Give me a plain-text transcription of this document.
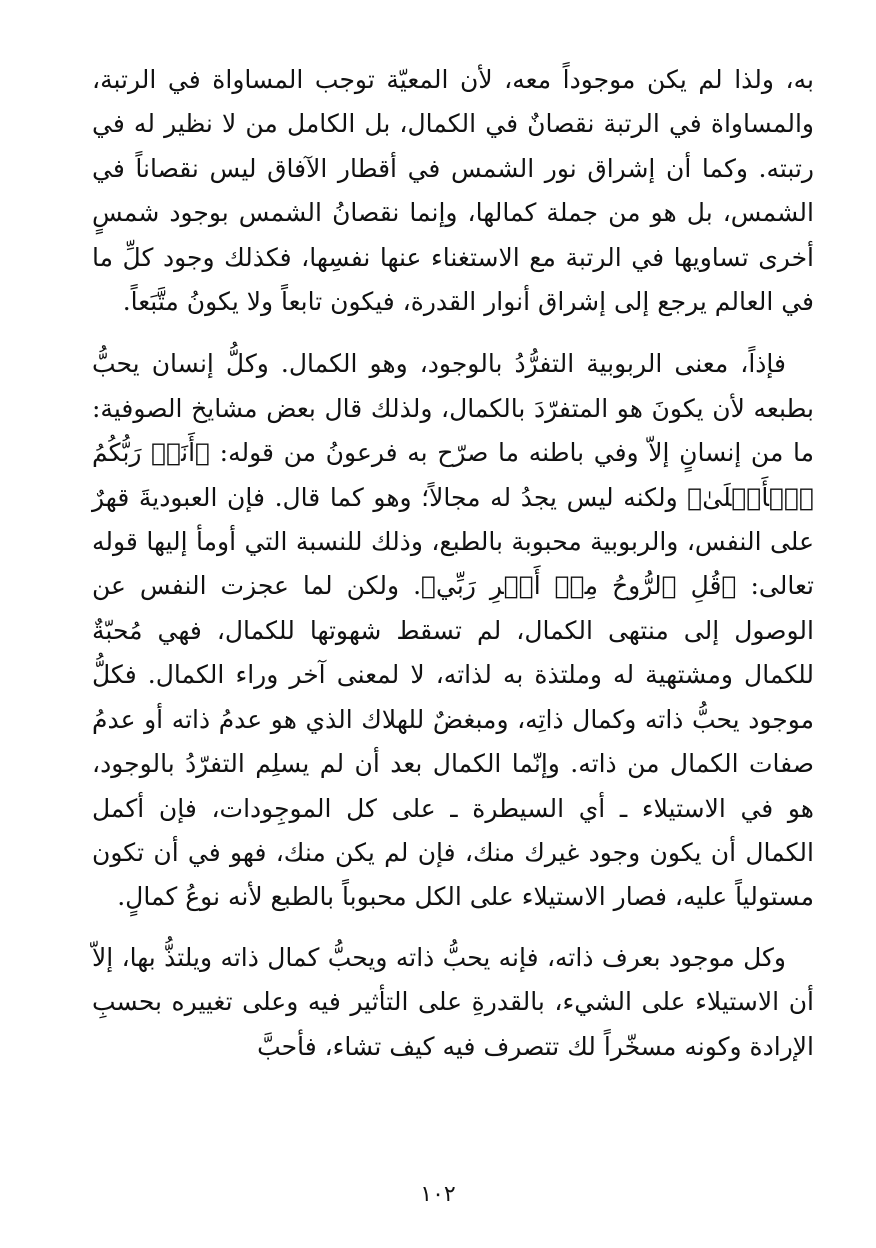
به، ولذا لم يكن موجوداً معه، لأن المعيّة توجب المساواة في الرتبة، والمساواة في الرتبة نقصانٌ في الكمال، بل الكامل من لا نظير له في رتبته. وكما أن إشراق نور الشمس في أقطار الآفاق ليس نقصاناً في الشمس، بل هو من جملة كمالها، وإنما نقصانُ الشمس بوجود شمسٍ أخرى تساويها في الرتبة مع الاستغناء عنها نفسِها، فكذلك وجود كلِّ ما في العالم يرجع إلى إشراق أنوار القدرة، فيكون تابعاً ولا يكونُ متَّبَعاً.

فإذاً، معنى الربوبية التفرُّدُ بالوجود، وهو الكمال. وكلُّ إنسان يحبُّ بطبعه لأن يكونَ هو المتفرّدَ بالكمال، ولذلك قال بعض مشايخ الصوفية: ما من إنسانٍ إلاّ وفي باطنه ما صرّح به فرعونُ من قوله: ﴿أَنَا۠ رَبُّكُمُ ٱلۡأَعۡلَىٰ﴾ ولكنه ليس يجدُ له مجالاً؛ وهو كما قال. فإن العبوديةَ قهرٌ على النفس، والربوبية محبوبة بالطبع، وذلك للنسبة التي أومأ إليها قوله تعالى: ﴿قُلِ ٱلرُّوحُ مِنۡ أَمۡرِ رَبِّي﴾. ولكن لما عجزت النفس عن الوصول إلى منتهى الكمال، لم تسقط شهوتها للكمال، فهي مُحبّةٌ للكمال ومشتهية له وملتذة به لذاته، لا لمعنى آخر وراء الكمال. فكلُّ موجود يحبُّ ذاته وكمال ذاتِه، ومبغضٌ للهلاك الذي هو عدمُ ذاته أو عدمُ صفات الكمال من ذاته. وإنّما الكمال بعد أن لم يسلِم التفرّدُ بالوجود، هو في الاستيلاء ـ أي السيطرة ـ على كل الموجِودات، فإن أكمل الكمال أن يكون وجود غيرك منك، فإن لم يكن منك، فهو في أن تكون مستولياً عليه، فصار الاستيلاء على الكل محبوباً بالطبع لأنه نوعُ كمالٍ.

وكل موجود بعرف ذاته، فإنه يحبُّ ذاته ويحبُّ كمال ذاته ويلتذُّ بها، إلاّ أن الاستيلاء على الشيء، بالقدرةِ على التأثير فيه وعلى تغييره بحسبِ الإرادة وكونه مسخّراً لك تتصرف فيه كيف تشاء، فأحبَّ

١٠٢
